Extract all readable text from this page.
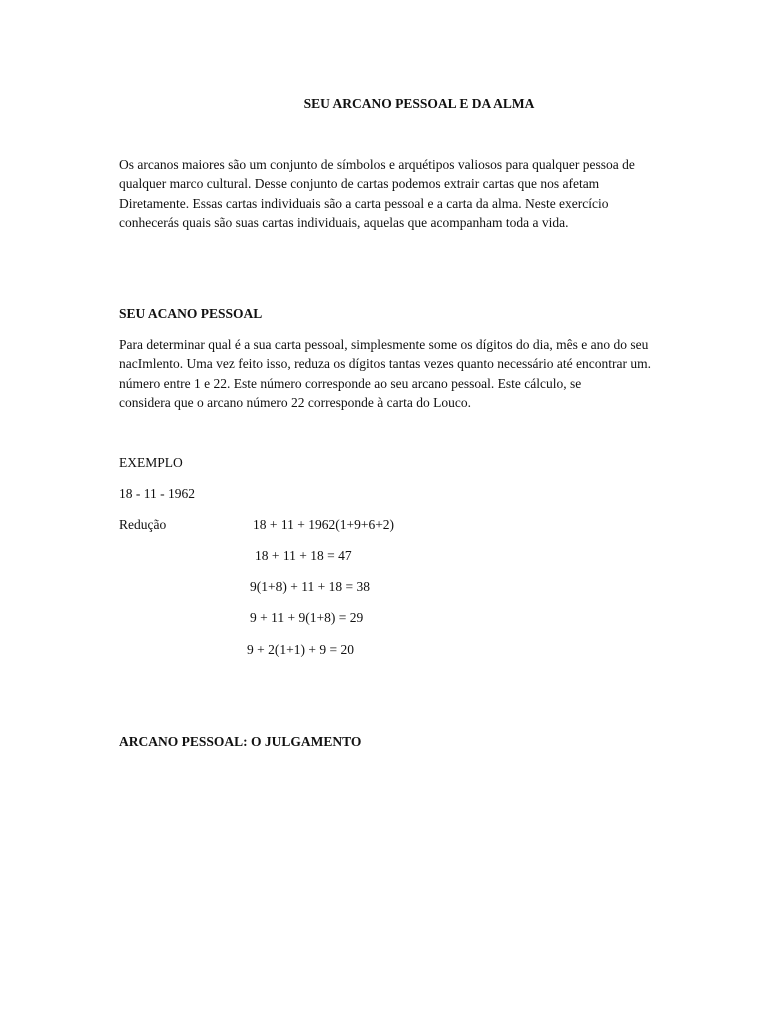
SEU ARCANO PESSOAL E DA ALMA
Os arcanos maiores são um conjunto de símbolos e arquétipos valiosos para qualquer pessoa de
qualquer marco cultural. Desse conjunto de cartas podemos extrair cartas que nos afetam
Diretamente. Essas cartas individuais são a carta pessoal e a carta da alma. Neste exercício
conhecerás quais são suas cartas individuais, aquelas que acompanham toda a vida.
SEU ACANO PESSOAL
Para determinar qual é a sua carta pessoal, simplesmente some os dígitos do dia, mês e ano do seu
nacImlento. Uma vez feito isso, reduza os dígitos tantas vezes quanto necessário até encontrar um.
número entre 1 e 22. Este número corresponde ao seu arcano pessoal. Este cálculo, se
considera que o arcano número 22 corresponde à carta do Louco.
EXEMPLO
18 - 11 - 1962
Redução	18 + 11 + 1962(1+9+6+2)
18 + 11 + 18 = 47
9(1+8) + 11 + 18 = 38
9 + 11 + 9(1+8) = 29
9 + 2(1+1) + 9 = 20
ARCANO PESSOAL: O JULGAMENTO
